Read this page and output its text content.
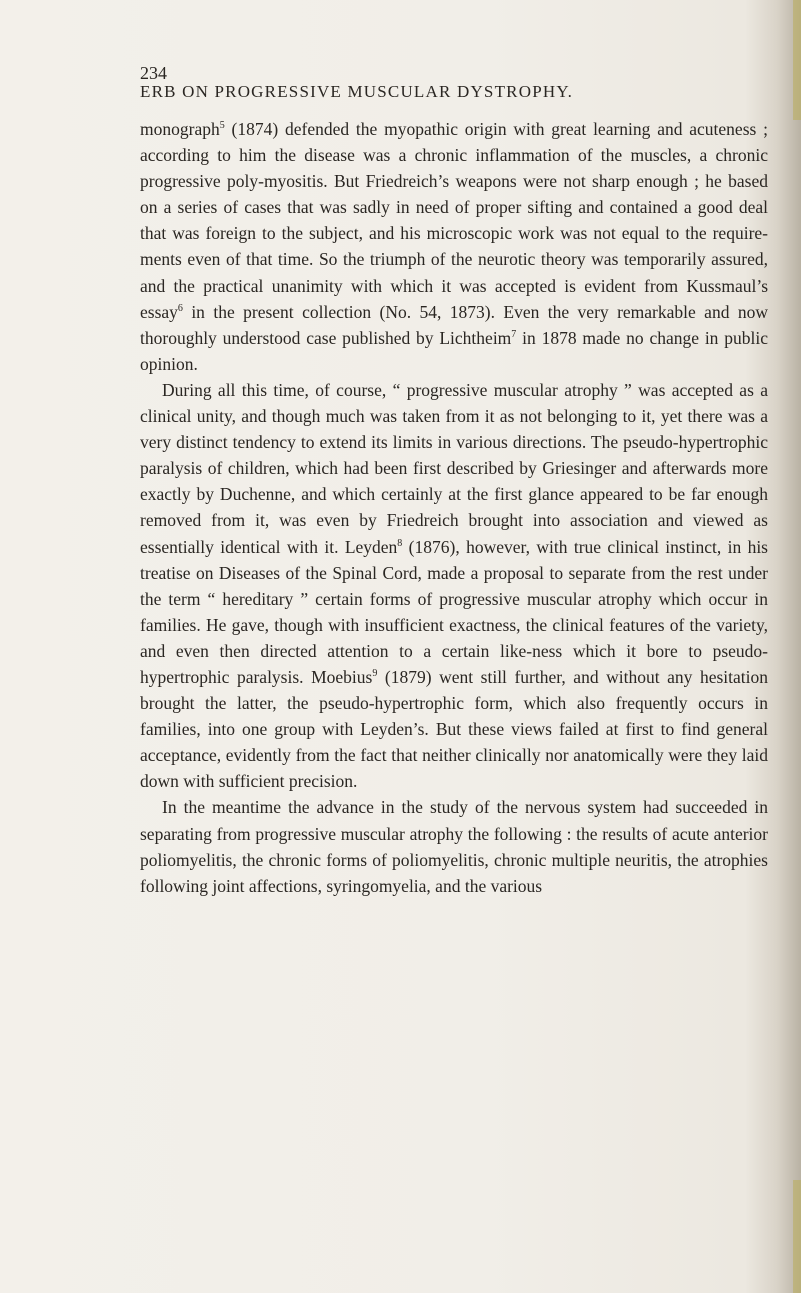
234
ERB ON PROGRESSIVE MUSCULAR DYSTROPHY.

monograph$^5$ (1874) defended the myopathic origin with great learning and acuteness ; according to him the disease was a chronic inflammation of the muscles, a chronic progressive poly-myositis. But Friedreich’s weapons were not sharp enough ; he based on a series of cases that was sadly in need of proper sifting and contained a good deal that was foreign to the subject, and his microscopic work was not equal to the require-ments even of that time. So the triumph of the neurotic theory was temporarily assured, and the practical unanimity with which it was accepted is evident from Kussmaul’s essay$^6$ in the present collection (No. 54, 1873). Even the very remarkable and now thoroughly understood case published by Lichtheim$^7$ in 1878 made no change in public opinion.

During all this time, of course, “ progressive muscular atrophy ” was accepted as a clinical unity, and though much was taken from it as not belonging to it, yet there was a very distinct tendency to extend its limits in various directions. The pseudo-hypertrophic paralysis of children, which had been first described by Griesinger and afterwards more exactly by Duchenne, and which certainly at the first glance appeared to be far enough removed from it, was even by Friedreich brought into association and viewed as essentially identical with it. Leyden$^8$ (1876), however, with true clinical instinct, in his treatise on Diseases of the Spinal Cord, made a proposal to separate from the rest under the term “ hereditary ” certain forms of progressive muscular atrophy which occur in families. He gave, though with insufficient exactness, the clinical features of the variety, and even then directed attention to a certain like-ness which it bore to pseudo-hypertrophic paralysis. Moebius$^9$ (1879) went still further, and without any hesitation brought the latter, the pseudo-hypertrophic form, which also frequently occurs in families, into one group with Leyden’s. But these views failed at first to find general acceptance, evidently from the fact that neither clinically nor anatomically were they laid down with sufficient precision.

In the meantime the advance in the study of the nervous system had succeeded in separating from progressive muscular atrophy the following : the results of acute anterior poliomyelitis, the chronic forms of poliomyelitis, chronic multiple neuritis, the atrophies following joint affections, syringomyelia, and the various
